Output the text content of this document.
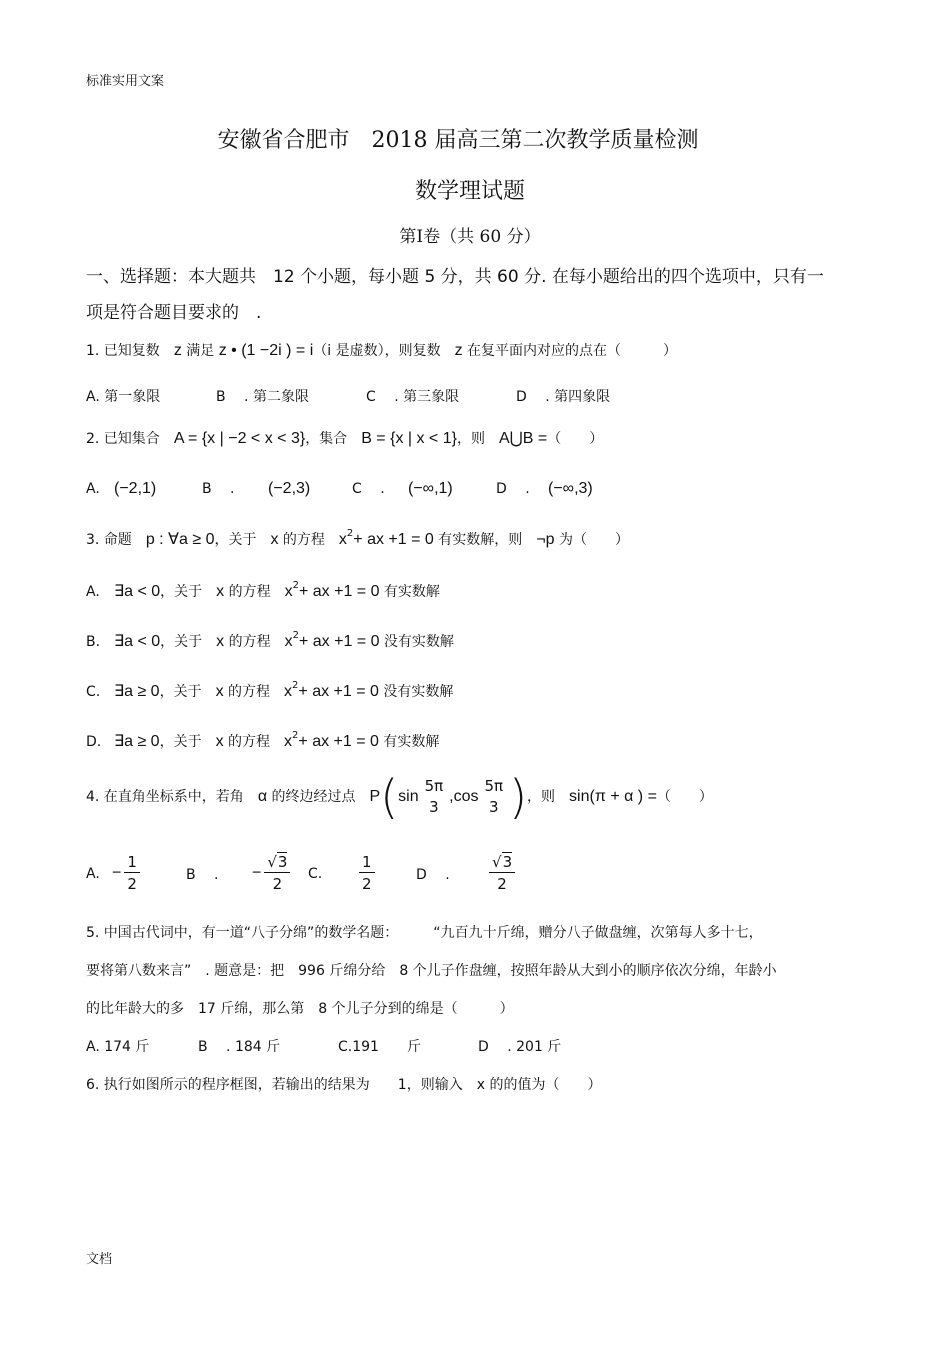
标准实用文案
安徽省合肥市　2018 届高三第二次教学质量检测
数学理试题
第Ⅰ卷（共 60 分）
一、选择题：本大题共　12 个小题，每小题 5 分，共 60 分. 在每小题给出的四个选项中，只有一
项是符合题目要求的　.
1. 已知复数　z 满足 z • (1 −2i ) = i（i 是虚数），则复数　z 在复平面内对应的点在（　　　）
A. 第一象限	B　 . 第二象限	C　 . 第三象限	D　 . 第四象限
2. 已知集合　A = {x | −2 < x < 3}，集合　B = {x | x < 1}，则　A⋃B =（　　）
A. (−2,1)	B　 . (−2,3)	C　 . (−∞,1)	D　 . (−∞,3)
3. 命题　p : ∀a ≥ 0，关于　x 的方程　$x^2+$ ax +1 = 0 有实数解，则　¬p 为（　　）
A. ∃a < 0，关于　x 的方程　$x^2+$ ax +1 = 0 有实数解
B. ∃a < 0，关于　x 的方程　$x^2+$ ax +1 = 0 没有实数解
C. ∃a ≥ 0，关于　x 的方程　$x^2+$ ax +1 = 0 没有实数解
D. ∃a ≥ 0，关于　x 的方程　$x^2+$ ax +1 = 0 有实数解
4. 在直角坐标系中，若角　α 的终边经过点　P(sin
5π
3
,cos
5π
3 )，则　sin(π + α ) =（　　）
A. − $\frac{1}{2}$	B　 . − $\frac{√3}{2} C$. $\frac{1}{2}$	D　 .	$\frac{√3}{2}$
5. 中国古代词中，有一道“八子分绵”的数学名题：　　　“九百九十斤绵，赠分八子做盘缠，次第每人多十七，
要将第八数来言”　. 题意是：把　996 斤绵分给　8 个儿子作盘缠，按照年龄从大到小的顺序依次分绵，年龄小
的比年龄大的多　17 斤绵，那么第　8 个儿子分到的绵是（　　　）
A. 174 斤	B　 . 184 斤	C.191　　斤	D　 . 201 斤
6. 执行如图所示的程序框图，若输出的结果为　　1，则输入　x 的的值为（　　）
文档
